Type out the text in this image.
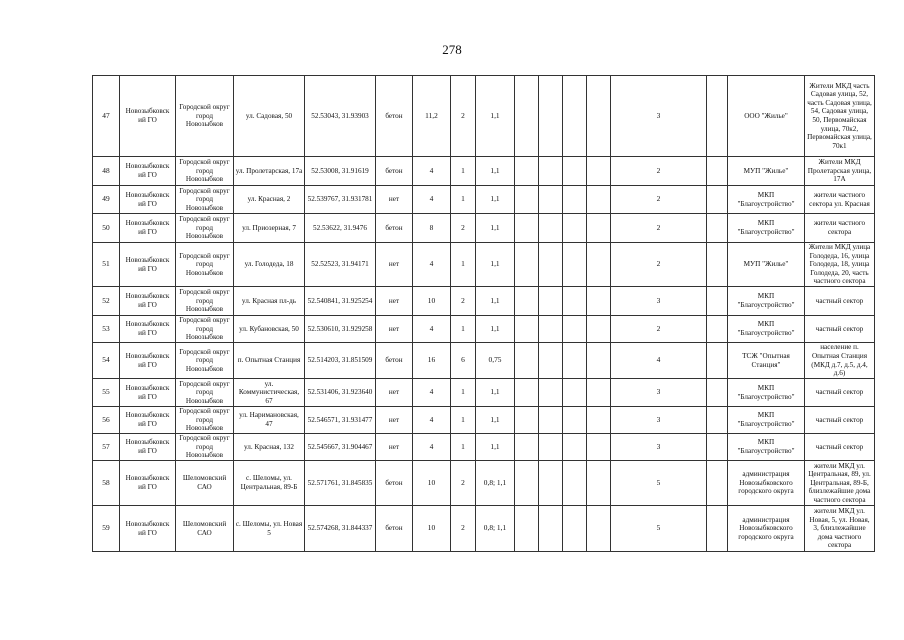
278
47	Новозыбковск ий ГО	Городской округ город Новозыбков	ул. Садовая, 50	52.53043, 31.93903	бетон	11,2	2	1,1					3		ООО "Жилье"	Жители МКД часть Садовая улица, 52, часть Садовая улица, 54, Садовая улица, 50, Первомайская улица, 70к2, Первомайская улица, 70к1
48	Новозыбковск ий ГО	Городской округ город Новозыбков	ул. Пролетарская, 17а	52.53008, 31.91619	бетон	4	1	1,1					2		МУП "Жилье"	Жители МКД Пролетарская улица, 17А
49	Новозыбковск ий ГО	Городской округ город Новозыбков	ул. Красная, 2	52.539767, 31.931781	нет	4	1	1,1					2		МКП "Благоустройство"	жители частного сектора ул. Красная
50	Новозыбковск ий ГО	Городской округ город Новозыбков	ул. Приозерная, 7	52.53622, 31.9476	бетон	8	2	1,1					2		МКП "Благоустройство"	жители частного сектора
51	Новозыбковск ий ГО	Городской округ город Новозыбков	ул. Голодеда, 18	52.52523, 31.94171	нет	4	1	1,1					2		МУП "Жилье"	Жители МКД улица Голодеда, 16, улица Голодеда, 18, улица Голодеда, 20, часть частного сектора
52	Новозыбковск ий ГО	Городской округ город Новозыбков	ул. Красная пл-дь	52.540841, 31.925254	нет	10	2	1,1					3		МКП "Благоустройство"	частный сектор
53	Новозыбковск ий ГО	Городской округ город Новозыбков	ул. Кубановская, 50	52.530610, 31.929258	нет	4	1	1,1					2		МКП "Благоустройство"	частный сектор
54	Новозыбковск ий ГО	Городской округ город Новозыбков	п. Опытная Станция	52.514203, 31.851509	бетон	16	6	0,75					4		ТСЖ "Опытная Станция"	население п. Опытная Станция (МКД д.7, д.5, д.4, д.6)
55	Новозыбковск ий ГО	Городской округ город Новозыбков	ул. Коммунистическая, 67	52.531406, 31.923640	нет	4	1	1,1					3		МКП "Благоустройство"	частный сектор
56	Новозыбковск ий ГО	Городской округ город Новозыбков	ул. Наримановская, 47	52.546571, 31.931477	нет	4	1	1,1					3		МКП "Благоустройство"	частный сектор
57	Новозыбковск ий ГО	Городской округ город Новозыбков	ул. Красная, 132	52.545667, 31.904467	нет	4	1	1,1					3		МКП "Благоустройство"	частный сектор
58	Новозыбковск ий ГО	Шеломовский САО	с. Шеломы, ул. Центральная, 89-Б	52.571761, 31.845835	бетон	10	2	0,8; 1,1					5		администрация Новозыбковского городского округа	жители МКД ул. Центральная, 89, ул. Центральная, 89-Б, близлежайшие дома частного сектора
59	Новозыбковск ий ГО	Шеломовский САО	с. Шеломы, ул. Новая 5	52.574268, 31.844337	бетон	10	2	0,8; 1,1					5		администрация Новозыбковского городского округа	жители МКД ул. Новая, 5, ул. Новая, 3, близлежайшие дома частного сектора
